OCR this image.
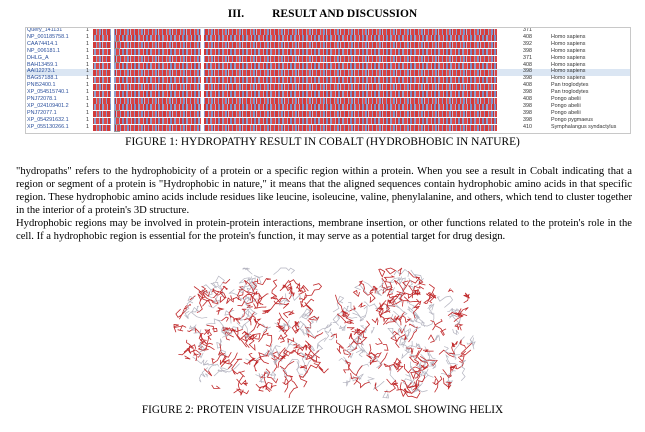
III. RESULT AND DISCUSSION
Query_141131	1	371
NP_001185758.1	1	408	Homo sapiens
CAA74414.1	1	392	Homo sapiens
NP_006181.1	1	398	Homo sapiens
DHLG_A	1	371	Homo sapiens
BAH13459.1	1	408	Homo sapiens
AAI12273.1	1	398	Homo sapiens
BAG57188.1	1	398	Homo sapiens
PNI52400.1	1	408	Pan troglodytes
XP_054515740.1	1	398	Pan troglodytes
PNJ72078.1	1	408	Pongo abelii
XP_024109401.2	1	398	Pongo abelii
PNJ72077.1	1	398	Pongo abelii
XP_054291632.1	1	398	Pongo pygmaeus
XP_055130266.1	1	410	Symphalangus syndactylus
FIGURE 1: HYDROPATHY RESULT IN COBALT (HYDROBHOBIC IN NATURE)

"hydropaths" refers to the hydrophobicity of a protein or a specific region within a protein. When you see a result in Cobalt indicating that a region or segment of a protein is "Hydrophobic in nature," it means that the aligned sequences contain hydrophobic amino acids in that specific region. These hydrophobic amino acids include residues like leucine, isoleucine, valine, phenylalanine, and others, which tend to cluster together in the interior of a protein's 3D structure.

Hydrophobic regions may be involved in protein-protein interactions, membrane insertion, or other functions related to the protein's role in the cell. If a hydrophobic region is essential for the protein's function, it may serve as a potential target for drug design.

FIGURE 2: PROTEIN VISUALIZE THROUGH RASMOL SHOWING HELIX
